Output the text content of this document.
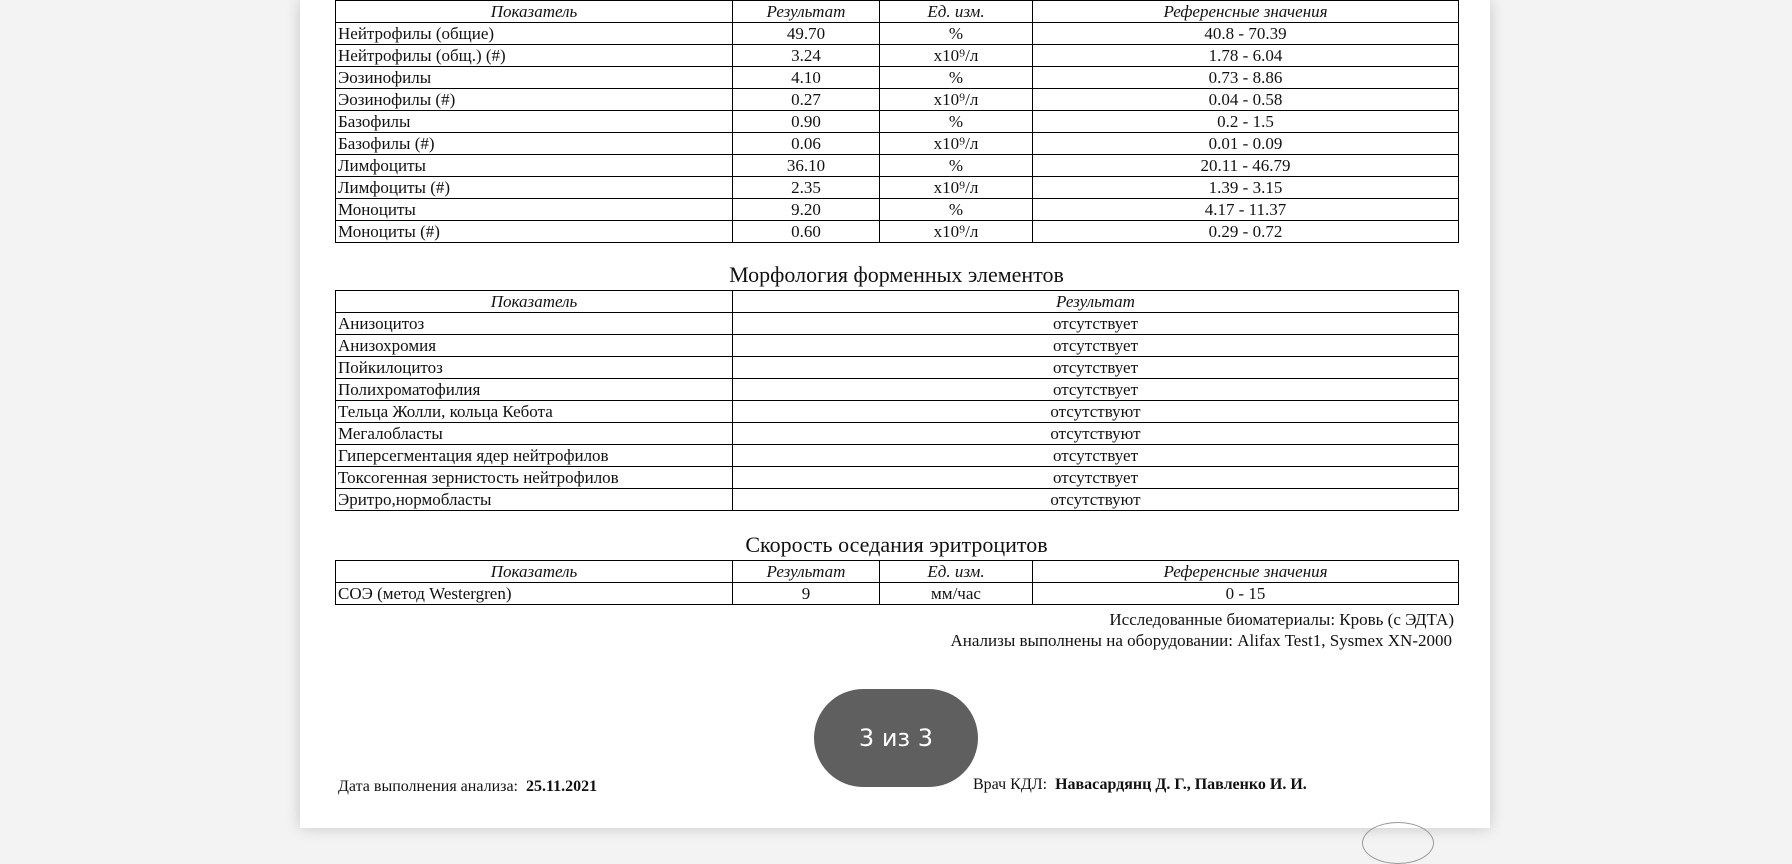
Показатель	Результат	Ед. изм.	Референсные значения
Нейтрофилы (общие)	49.70	%	40.8 - 70.39
Нейтрофилы (общ.) (#)	3.24	x10⁹/л	1.78 - 6.04
Эозинофилы	4.10	%	0.73 - 8.86
Эозинофилы (#)	0.27	x10⁹/л	0.04 - 0.58
Базофилы	0.90	%	0.2 - 1.5
Базофилы (#)	0.06	x10⁹/л	0.01 - 0.09
Лимфоциты	36.10	%	20.11 - 46.79
Лимфоциты (#)	2.35	x10⁹/л	1.39 - 3.15
Моноциты	9.20	%	4.17 - 11.37
Моноциты (#)	0.60	x10⁹/л	0.29 - 0.72
Морфология форменных элементов
Показатель	Результат
Анизоцитоз	отсутствует
Анизохромия	отсутствует
Пойкилоцитоз	отсутствует
Полихроматофилия	отсутствует
Тельца Жолли, кольца Кебота	отсутствуют
Мегалобласты	отсутствуют
Гиперсегментация ядер нейтрофилов	отсутствует
Токсогенная зернистость нейтрофилов	отсутствует
Эритро,нормобласты	отсутствуют
Скорость оседания эритроцитов
Показатель	Результат	Ед. изм.	Референсные значения
СОЭ (метод Westergren)	9	мм/час	0 - 15
Исследованные биоматериалы: Кровь (с ЭДТА)
Анализы выполнены на оборудовании: Alifax Test1, Sysmex XN-2000
3 из 3
Дата выполнения анализа: 25.11.2021	Врач КДЛ: Навасардянц Д. Г., Павленко И. И.
